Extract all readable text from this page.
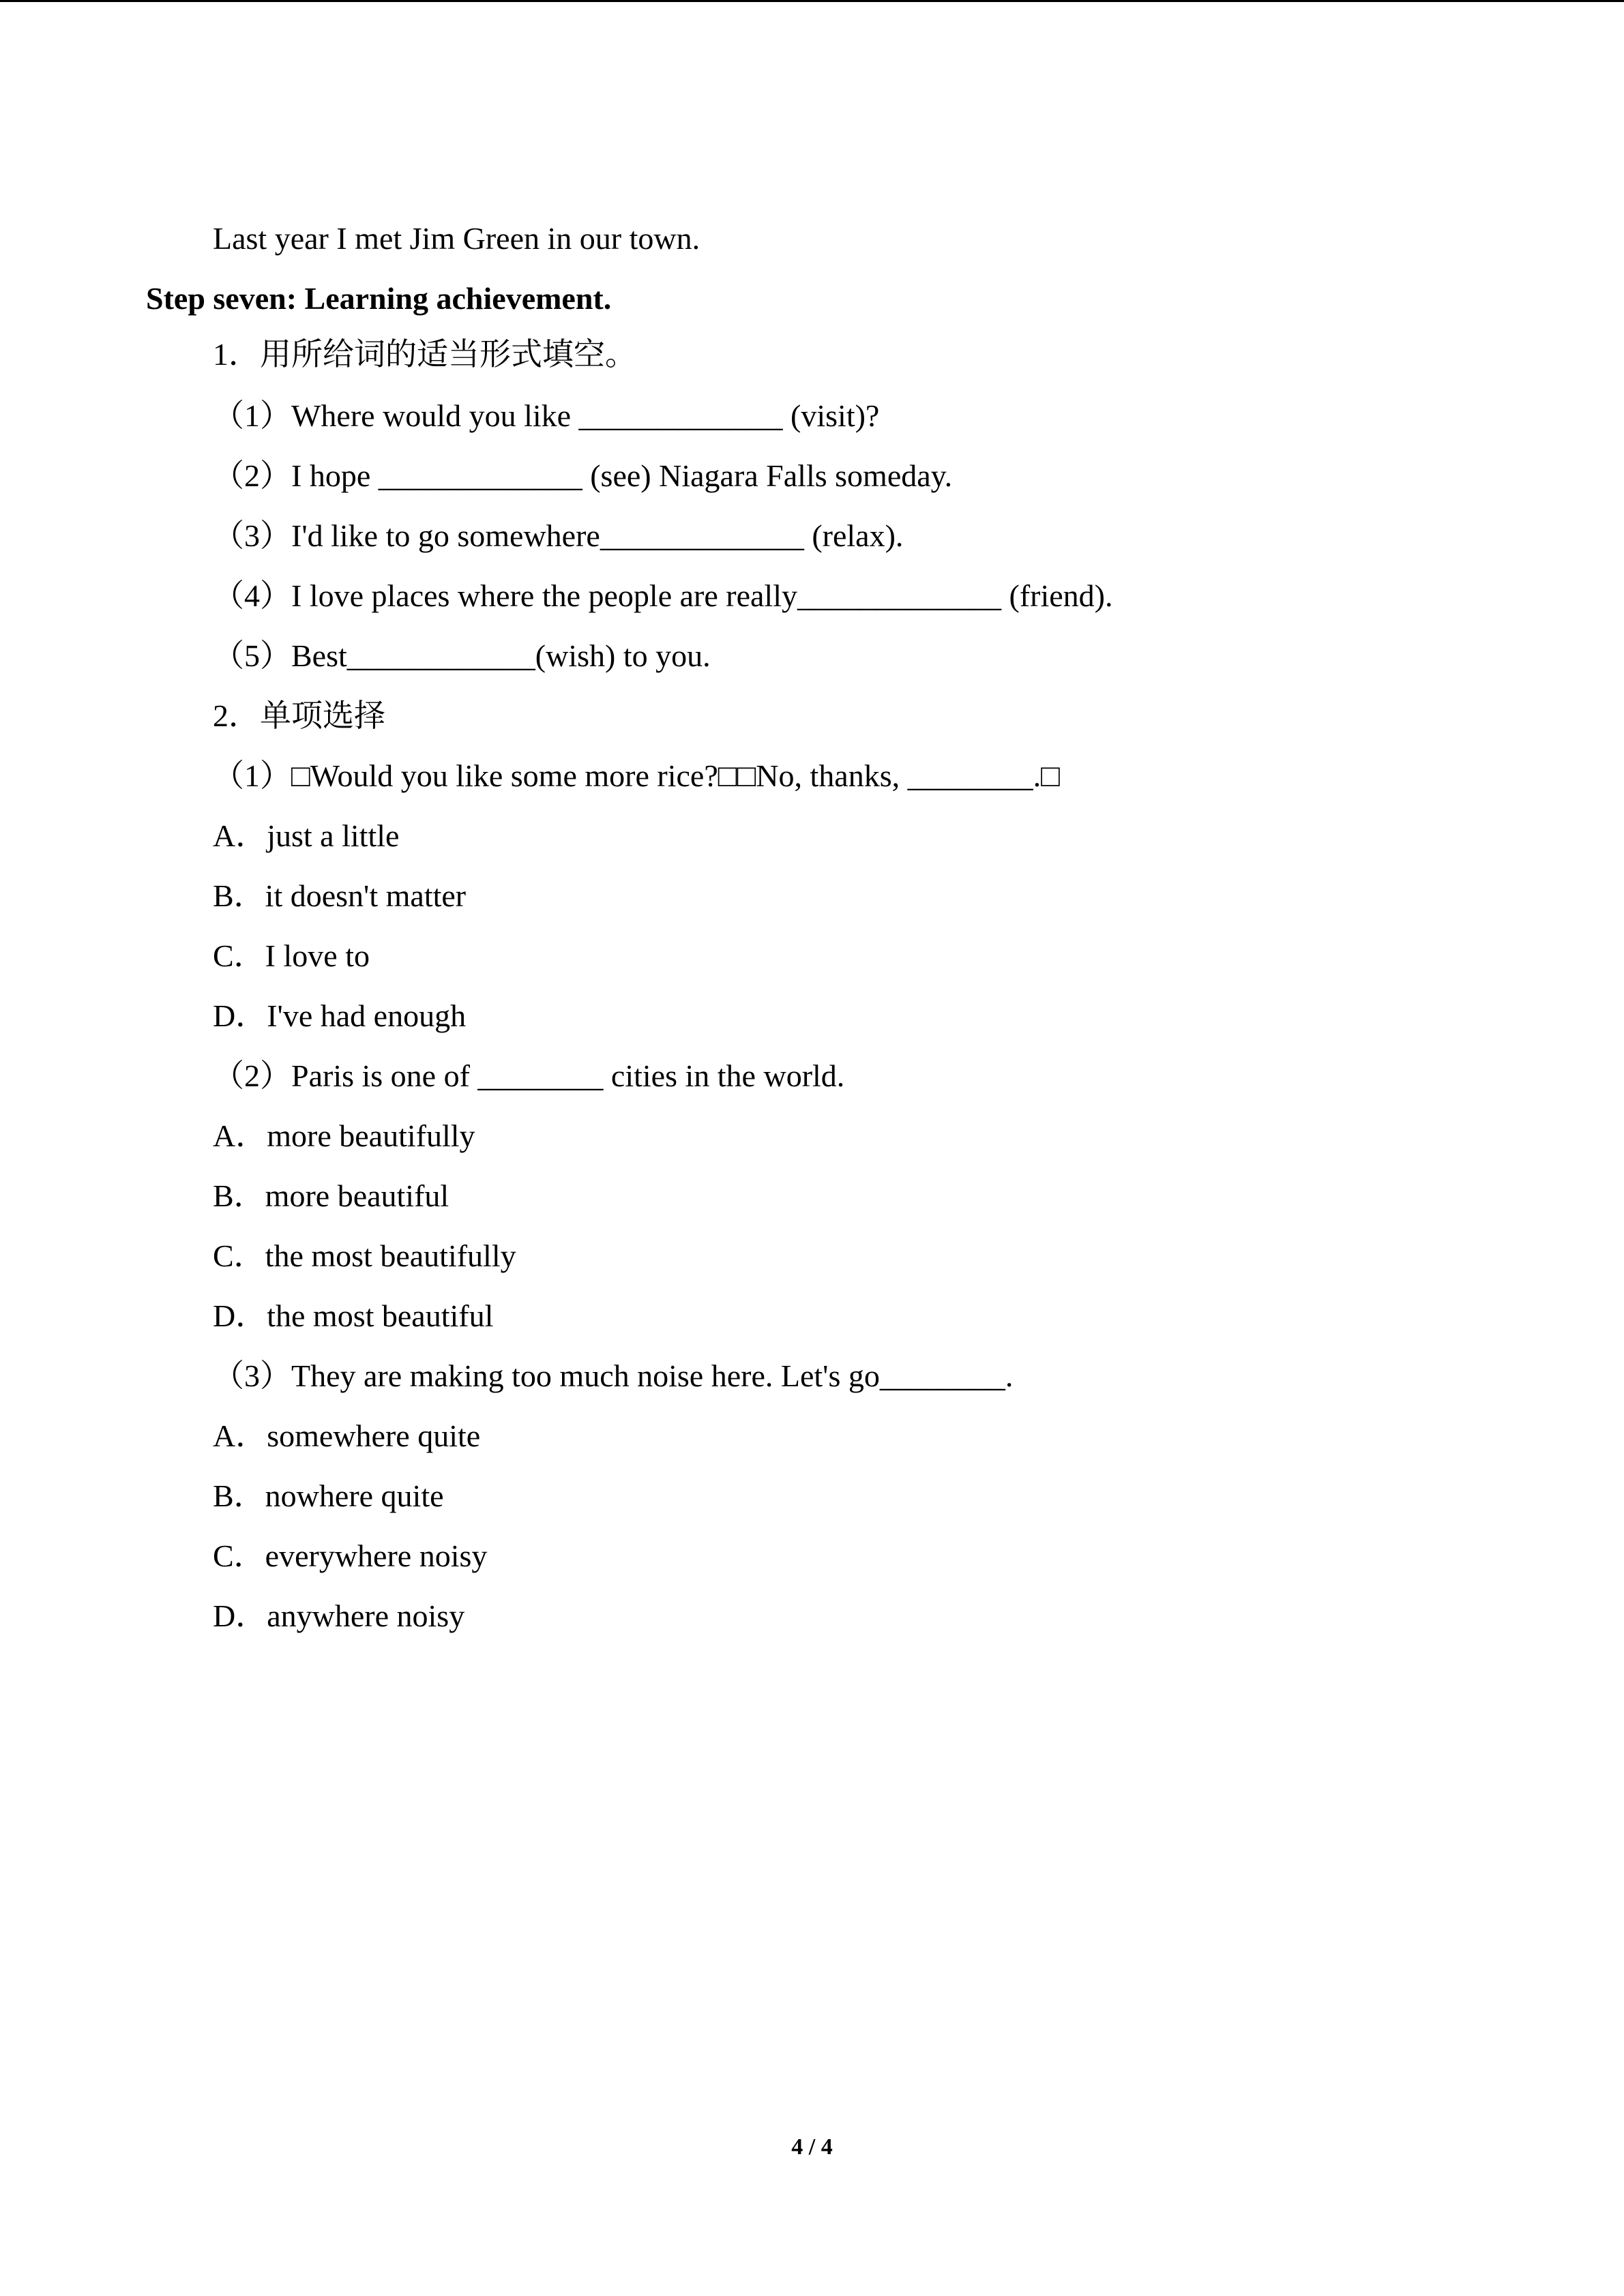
Last year I met Jim Green in our town.
Step seven: Learning achievement.
1．用所给词的适当形式填空。
（1）Where would you like _____________ (visit)?
（2）I hope _____________ (see) Niagara Falls someday.
（3）I'd like to go somewhere_____________ (relax).
（4）I love places where the people are really_____________ (friend).
（5）Best____________(wish) to you.
2．单项选择
（1）□Would you like some more rice?□□No, thanks, ________.□
A．just a little
B．it doesn't matter
C．I love to
D．I've had enough
（2）Paris is one of ________ cities in the world.
A．more beautifully
B．more beautiful
C．the most beautifully
D．the most beautiful
（3）They are making too much noise here. Let's go________.
A．somewhere quite
B．nowhere quite
C．everywhere noisy
D．anywhere noisy
4 / 4
